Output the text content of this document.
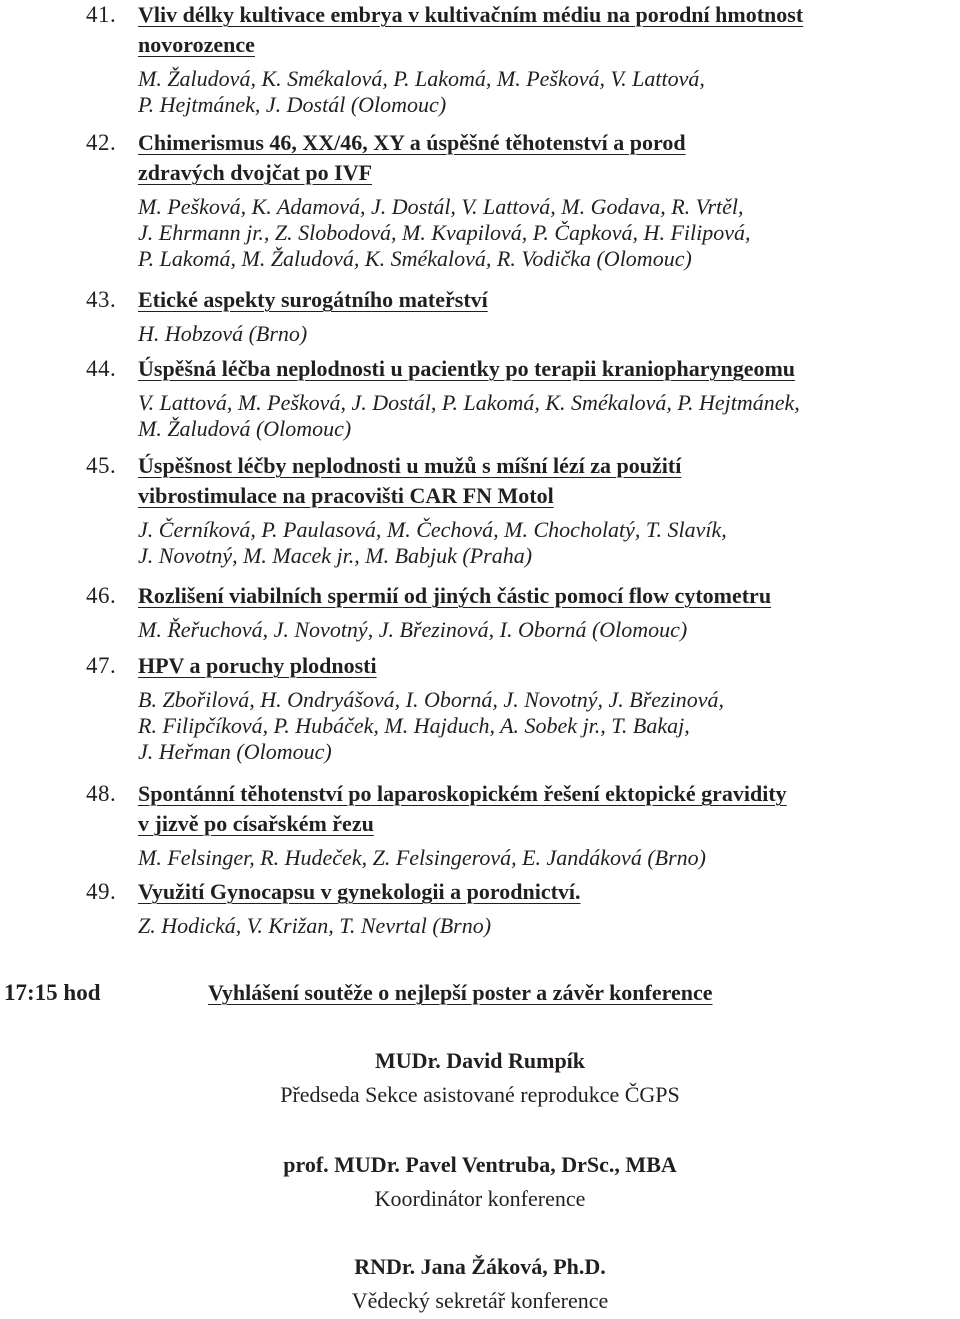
41. Vliv délky kultivace embrya v kultivačním médiu na porodní hmotnost
novorozence
M. Žaludová, K. Smékalová, P. Lakomá, M. Pešková, V. Lattová,
P. Hejtmánek, J. Dostál (Olomouc)
42. Chimerismus 46, XX/46, XY a úspěšné těhotenství a porod
zdravých dvojčat po IVF
M. Pešková, K. Adamová, J. Dostál, V. Lattová, M. Godava, R. Vrtěl,
J. Ehrmann jr., Z. Slobodová, M. Kvapilová, P. Čapková, H. Filipová,
P. Lakomá, M. Žaludová, K. Smékalová, R. Vodička (Olomouc)
43. Etické aspekty surogátního mateřství
H. Hobzová (Brno)
44. Úspěšná léčba neplodnosti u pacientky po terapii kraniopharyngeomu
V. Lattová, M. Pešková, J. Dostál, P. Lakomá, K. Smékalová, P. Hejtmánek,
M. Žaludová (Olomouc)
45. Úspěšnost léčby neplodnosti u mužů s míšní lézí za použití
vibrostimulace na pracovišti CAR FN Motol
J. Černíková, P. Paulasová, M. Čechová, M. Chocholatý, T. Slavík,
J. Novotný, M. Macek jr., M. Babjuk (Praha)
46. Rozlišení viabilních spermií od jiných částic pomocí flow cytometru
M. Řeřuchová, J. Novotný, J. Březinová, I. Oborná (Olomouc)
47. HPV a poruchy plodnosti
B. Zbořilová, H. Ondryášová, I. Oborná, J. Novotný, J. Březinová,
R. Filipčíková, P. Hubáček, M. Hajduch, A. Sobek jr., T. Bakaj,
J. Heřman (Olomouc)
48. Spontánní těhotenství po laparoskopickém řešení ektopické gravidity
v jizvě po císařském řezu
M. Felsinger, R. Hudeček, Z. Felsingerová, E. Jandáková (Brno)
49. Využití Gynocapsu v gynekologii a porodnictví.
Z. Hodická, V. Križan, T. Nevrtal (Brno)
17:15 hod	Vyhlášení soutěže o nejlepší poster a závěr konference
MUDr. David Rumpík
Předseda Sekce asistované reprodukce ČGPS
prof. MUDr. Pavel Ventruba, DrSc., MBA
Koordinátor konference
RNDr. Jana Žáková, Ph.D.
Vědecký sekretář konference
